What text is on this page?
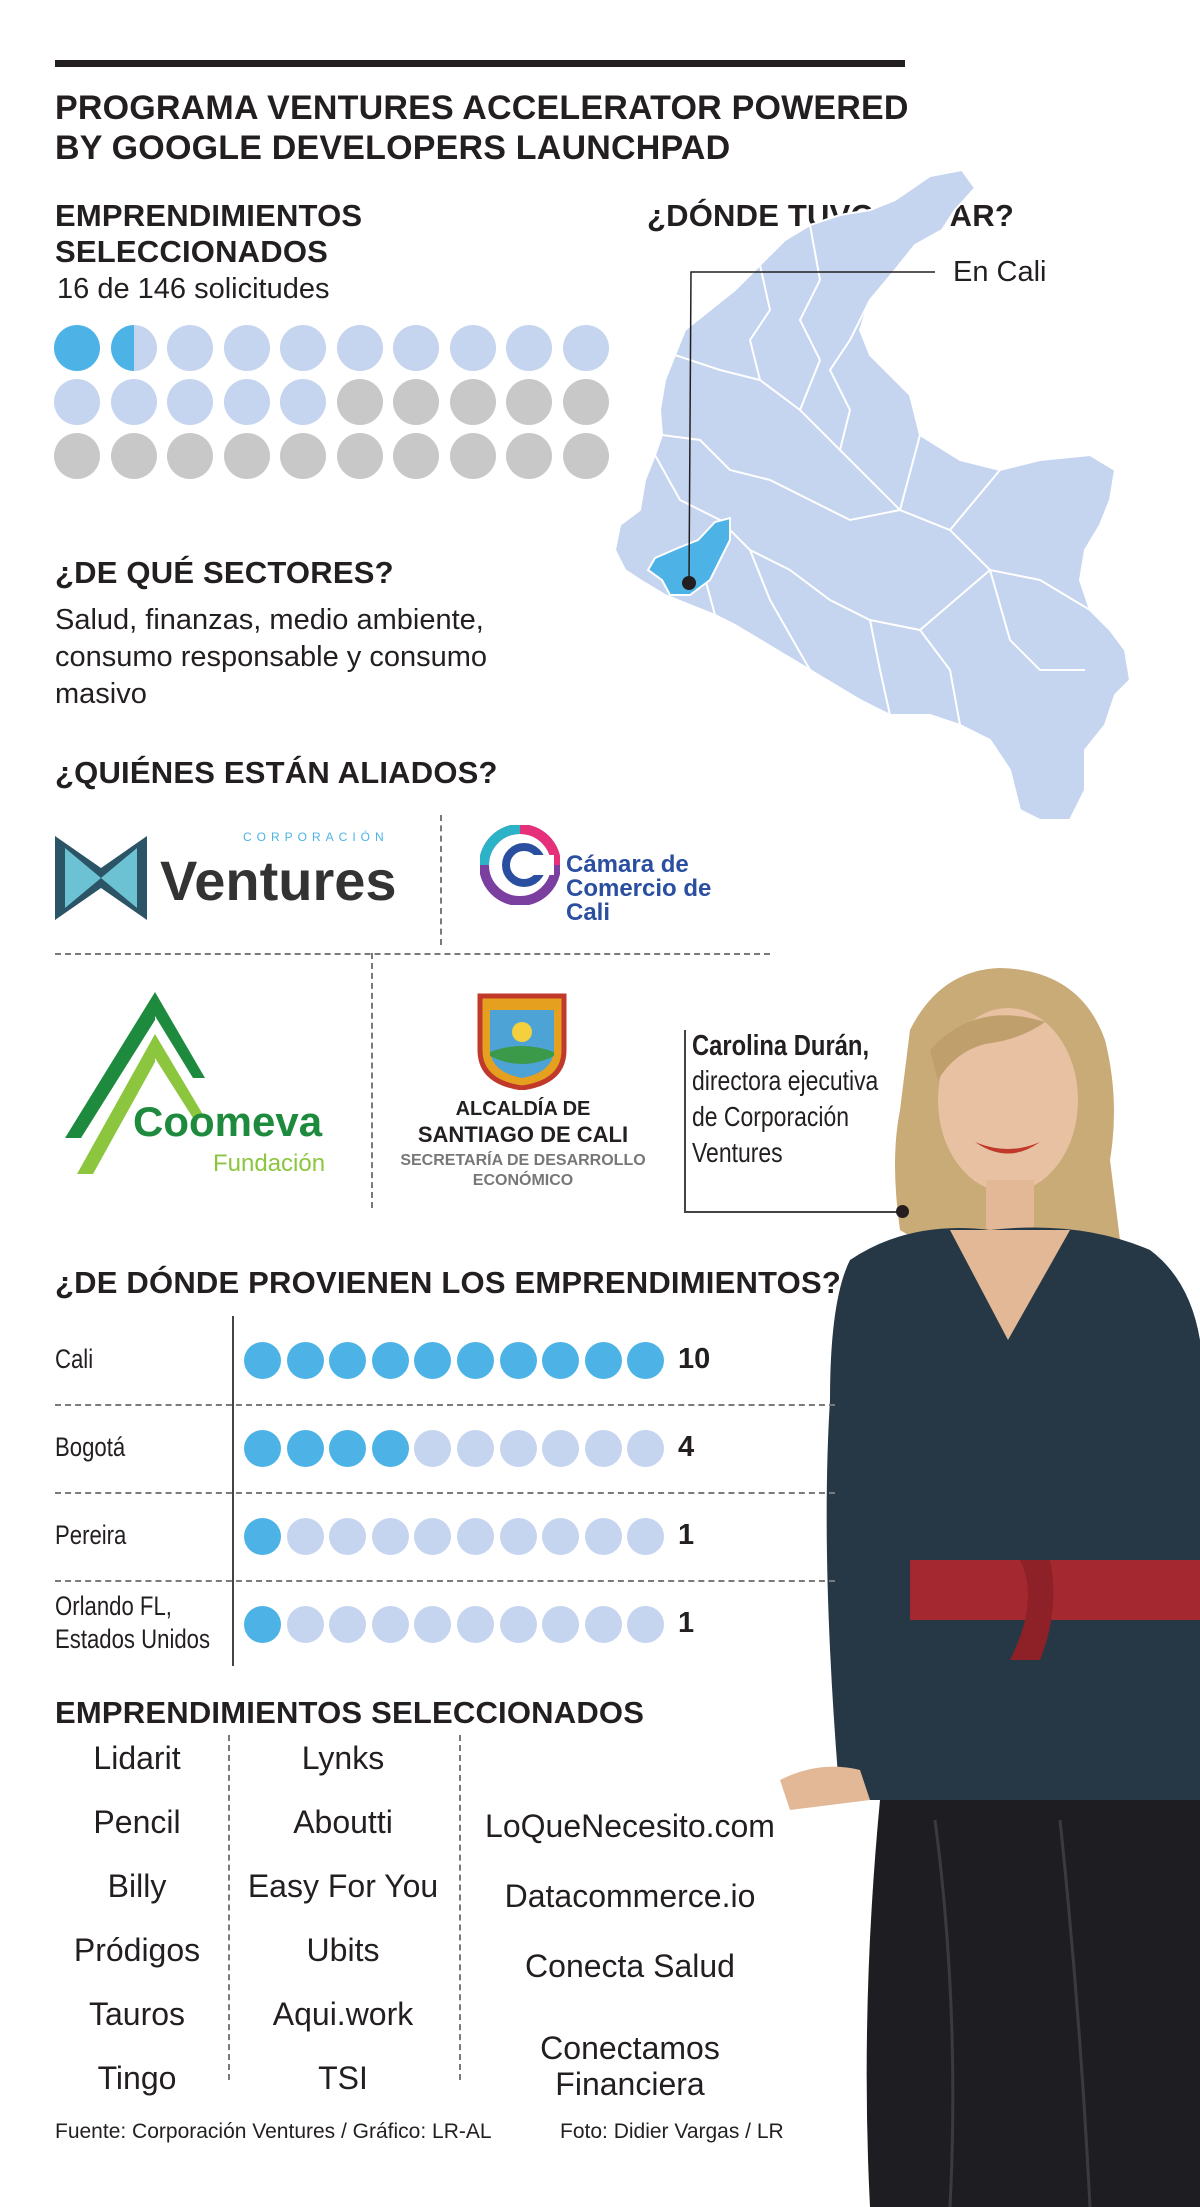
PROGRAMA VENTURES ACCELERATOR POWERED BY GOOGLE DEVELOPERS LAUNCHPAD
EMPRENDIMIENTOS SELECCIONADOS
16 de 146 solicitudes
¿DÓNDE TUVO LUGAR?
En Cali
¿DE QUÉ SECTORES?
Salud, finanzas, medio ambiente, consumo responsable y consumo masivo
¿QUIÉNES ESTÁN ALIADOS?
CORPORACIÓN
Ventures	Cámara de
Comercio de
Cali
Coomeva
Fundación
ALCALDÍA DE
SANTIAGO DE CALI
SECRETARÍA DE DESARROLLO
ECONÓMICO
Carolina Durán,
directora ejecutiva
de Corporación
Ventures
¿DE DÓNDE PROVIENEN LOS EMPRENDIMIENTOS?
Cali	10
Bogotá	4
Pereira	1
Orlando FL,
Estados Unidos	1
EMPRENDIMIENTOS SELECCIONADOS
Lidarit
Pencil
Billy
Pródigos
Tauros
Tingo
Lynks
Aboutti
Easy For You
Ubits
Aqui.work
TSI
LoQueNecesito.com
Datacommerce.io
Conecta Salud
Conectamos
Financiera
Fuente: Corporación Ventures / Gráfico: LR-AL	Foto: Didier Vargas / LR
